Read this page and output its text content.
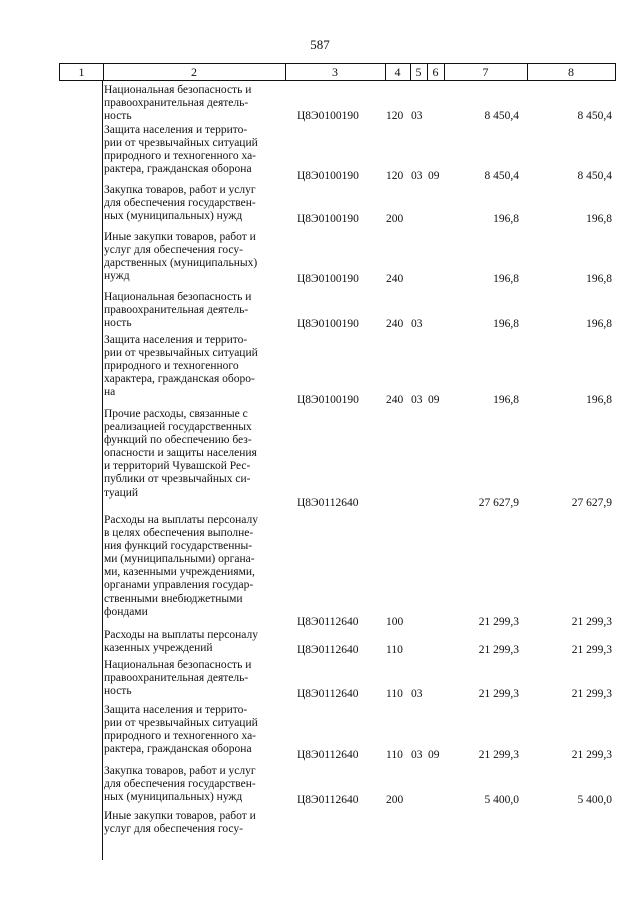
587
1	2	3	4	5 6	7	8
Национальная безопасность и
правоохранительная деятель-
ность	Ц8Э0100190 120 03	8 450,4	8 450,4
Защита населения и террито-
рии от чрезвычайных ситуаций
природного и техногенного ха-
рактера, гражданская оборона
Ц8Э0100190 120 03 09	8 450,4	8 450,4
Закупка товаров, работ и услуг
для обеспечения государствен-
ных (муниципальных) нужд	Ц8Э0100190 200	196,8	196,8
Иные закупки товаров, работ и
услуг для обеспечения госу-
дарственных (муниципальных)
нужд	Ц8Э0100190 240	196,8	196,8
Национальная безопасность и
правоохранительная деятель-
ность	Ц8Э0100190 240 03	196,8	196,8
Защита населения и террито-
рии от чрезвычайных ситуаций
природного и техногенного
характера, гражданская оборо-
на
Ц8Э0100190 240 03 09	196,8	196,8
Прочие расходы, связанные с
реализацией государственных
функций по обеспечению без-
опасности и защиты населения
и территорий Чувашской Рес-
публики от чрезвычайных си-
туаций
Ц8Э0112640	27 627,9	27 627,9
Расходы на выплаты персоналу
в целях обеспечения выполне-
ния функций государственны-
ми (муниципальными) органа-
ми, казенными учреждениями,
органами управления государ-
ственными внебюджетными
фондами
Ц8Э0112640 100	21 299,3	21 299,3
Расходы на выплаты персоналу
казенных учреждений	Ц8Э0112640 110	21 299,3	21 299,3
Национальная безопасность и
правоохранительная деятель-
ность	Ц8Э0112640 110 03	21 299,3	21 299,3
Защита населения и террито-
рии от чрезвычайных ситуаций
природного и техногенного ха-
рактера, гражданская оборона	Ц8Э0112640 110 03 09	21 299,3	21 299,3
Закупка товаров, работ и услуг
для обеспечения государствен-
ных (муниципальных) нужд	Ц8Э0112640 200	5 400,0	5 400,0
Иные закупки товаров, работ и
услуг для обеспечения госу-
